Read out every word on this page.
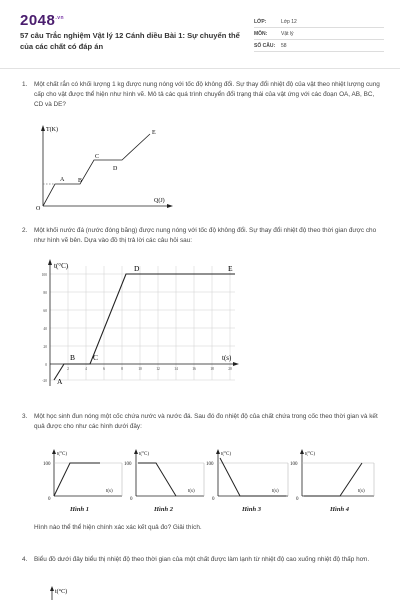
$2048^{.vn}$
57 câu Trắc nghiệm Vật lý 12 Cánh diều Bài 1: Sự chuyển thể của các chất có đáp án
LỚP:	Lớp 12
MÔN:	Vật lý
SỐ CÂU:	58
1.	Một chất rắn có khối lượng 1 kg được nung nóng với tốc độ không đổi. Sự thay đổi nhiệt độ của vật theo nhiệt lượng cung cấp cho vật được thể hiện như hình vẽ. Mô tả các quá trình chuyển đổi trạng thái của vật ứng với các đoạn OA, AB, BC, CD và DE?
T(K)
Q(J)
O
A B
C
D
E
2.	Một khối nước đá (nước đóng băng) được nung nóng với tốc độ không đổi. Sự thay đổi nhiệt độ theo thời gian được cho như hình vẽ bên. Dựa vào đồ thị trả lời các câu hỏi sau:
t(°C)
t(s)
100
80
60
40
20
0
-20
2	4	6	8	10	12	14	16	18	20
A
B C
D	E
3.	Một học sinh đun nóng một cốc chứa nước và nước đá. Sau đó đo nhiệt độ của chất chứa trong cốc theo thời gian và kết quả được cho như các hình dưới đây:
t(°C)
100
0
t(s)
t(°C)
100
0
t(s)
t(°C)
100
0
t(s)
t(°C)
100
0
t(s)
Hình 1	Hình 2	Hình 3	Hình 4
Hình nào thể thể hiện chính xác xác kết quả đo? Giải thích.
4.	Biểu đồ dưới đây biểu thị nhiệt độ theo thời gian của một chất được làm lạnh từ nhiệt độ cao xuống nhiệt độ thấp hơn.
t(°C)
